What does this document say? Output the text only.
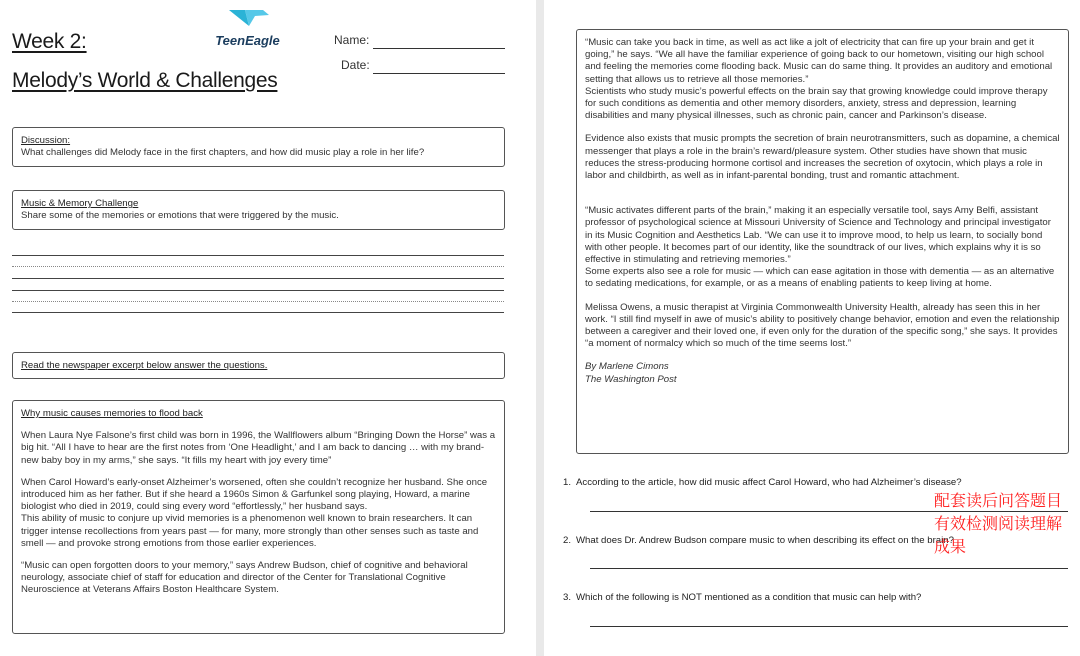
Week 2:
Melody’s World & Challenges
TeenEagle	Name:
Date:

Discussion:

What challenges did Melody face in the first chapters, and how did music play a role in her life?

Music & Memory Challenge

Share some of the memories or emotions that were triggered by the music.

Read the newspaper excerpt below answer the questions.

Why music causes memories to flood back

When Laura Nye Falsone’s first child was born in 1996, the Wallflowers album “Bringing Down the Horse” was a big hit. “All I have to hear are the first notes from ‘One Headlight,’ and I am back to dancing … with my brand-new baby boy in my arms,” she says. “It fills my heart with joy every time”

When Carol Howard’s early-onset Alzheimer’s worsened, often she couldn’t recognize her husband. She once introduced him as her father. But if she heard a 1960s Simon & Garfunkel song playing, Howard, a marine biologist who died in 2019, could sing every word “effortlessly,” her husband says.
This ability of music to conjure up vivid memories is a phenomenon well known to brain researchers. It can trigger intense recollections from years past — for many, more strongly than other senses such as taste and smell — and provoke strong emotions from those earlier experiences.

“Music can open forgotten doors to your memory,” says Andrew Budson, chief of cognitive and behavioral neurology, associate chief of staff for education and director of the Center for Translational Cognitive Neuroscience at Veterans Affairs Boston Healthcare System.

“Music can take you back in time, as well as act like a jolt of electricity that can fire up your brain and get it going,” he says. “We all have the familiar experience of going back to our hometown, visiting our high school and feeling the memories come flooding back. Music can do same thing. It provides an auditory and emotional setting that allows us to retrieve all those memories.”
Scientists who study music’s powerful effects on the brain say that growing knowledge could improve therapy for such conditions as dementia and other memory disorders, anxiety, stress and depression, learning disabilities and many physical illnesses, such as chronic pain, cancer and Parkinson’s disease.

Evidence also exists that music prompts the secretion of brain neurotransmitters, such as dopamine, a chemical messenger that plays a role in the brain’s reward/pleasure system. Other studies have shown that music reduces the stress-producing hormone cortisol and increases the secretion of oxytocin, which plays a role in labor and childbirth, as well as in infant-parental bonding, trust and romantic attachment.

“Music activates different parts of the brain,” making it an especially versatile tool, says Amy Belfi, assistant professor of psychological science at Missouri University of Science and Technology and principal investigator in its Music Cognition and Aesthetics Lab. “We can use it to improve mood, to help us learn, to socially bond with other people. It becomes part of our identity, like the soundtrack of our lives, which explains why it is so effective in stimulating and retrieving memories.”
Some experts also see a role for music — which can ease agitation in those with dementia — as an alternative to sedating medications, for example, or as a means of enabling patients to keep living at home.

Melissa Owens, a music therapist at Virginia Commonwealth University Health, already has seen this in her work. “I still find myself in awe of music’s ability to positively change behavior, emotion and even the relationship between a caregiver and their loved one, if even only for the duration of the specific song,” she says. It provides “a moment of normalcy which so much of the time seems lost.”

By Marlene Cimons

The Washington Post

1. According to the article, how did music affect Carol Howard, who had Alzheimer’s disease?
2. What does Dr. Andrew Budson compare music to when describing its effect on the brain?
3. Which of the following is NOT mentioned as a condition that music can help with?
配套读后问答题目
有效检测阅读理解
成果
